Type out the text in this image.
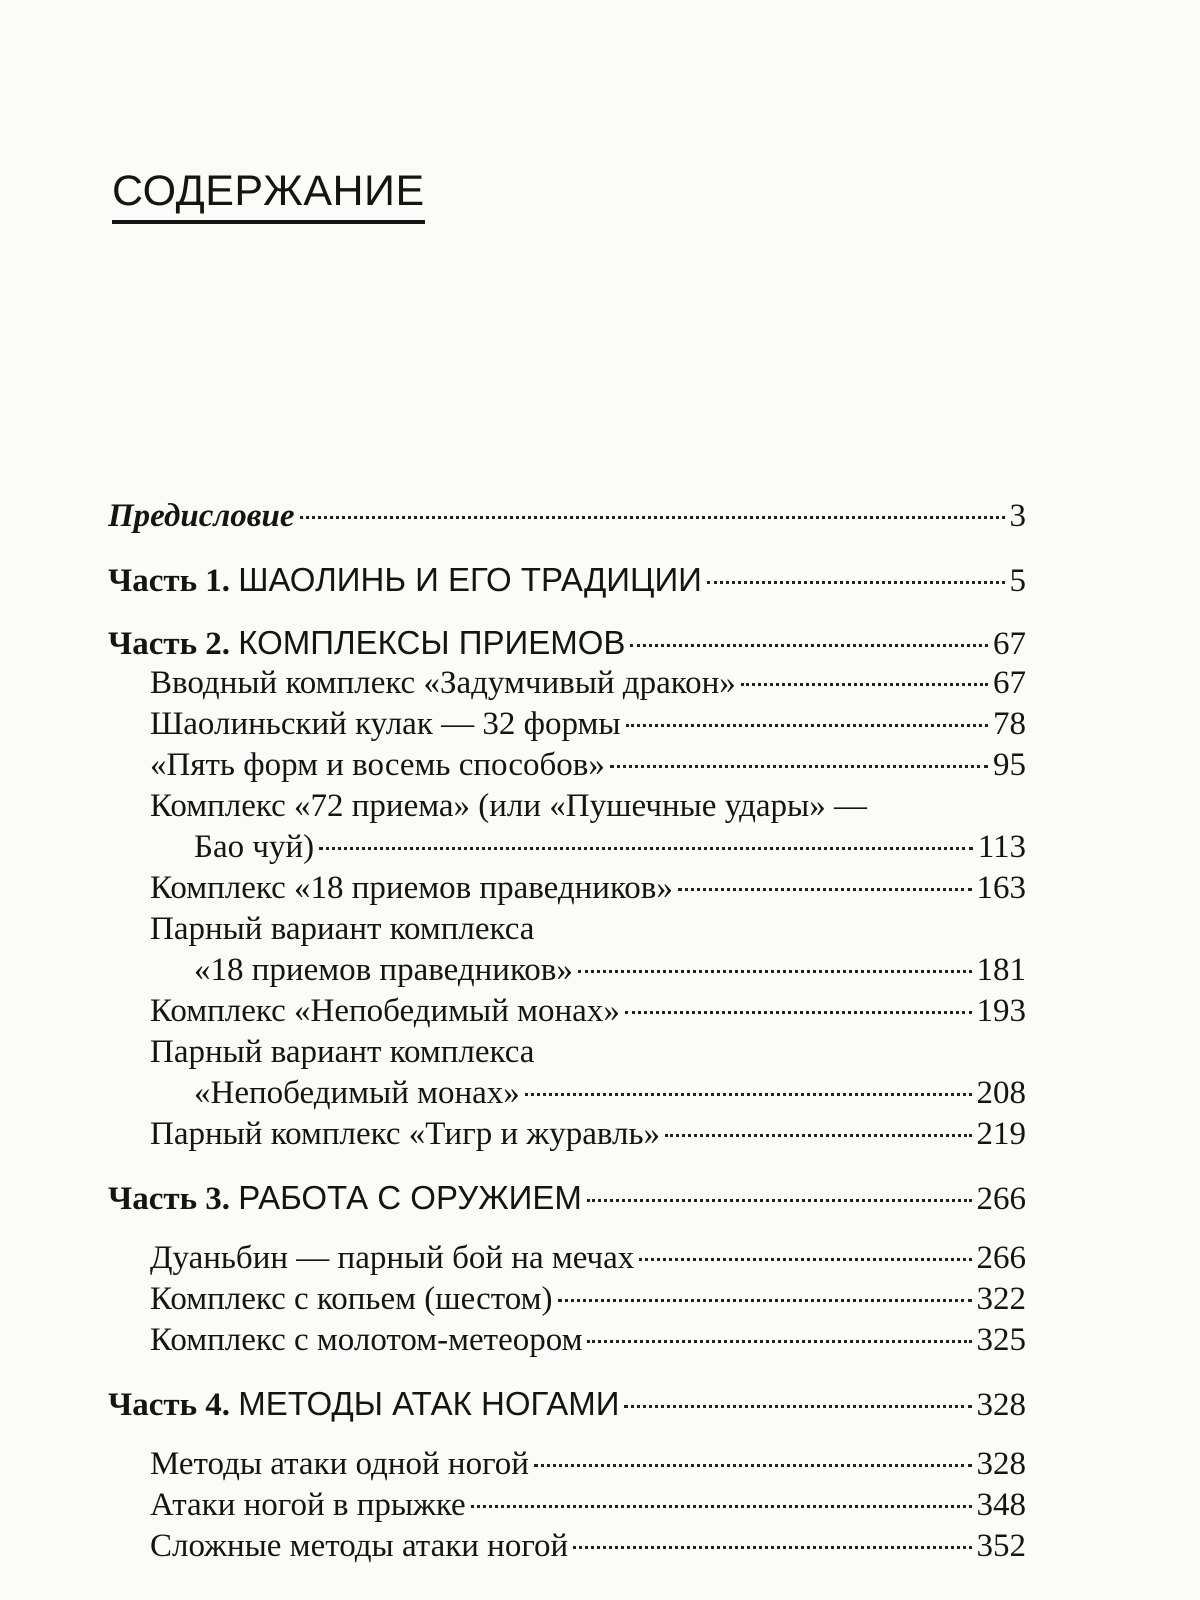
СОДЕРЖАНИЕ
Предисловие	3
Часть 1. ШАОЛИНЬ И ЕГО ТРАДИЦИИ	5
Часть 2. КОМПЛЕКСЫ ПРИЕМОВ	67
Вводный комплекс «Задумчивый дракон»	67
Шаолиньский кулак — 32 формы	78
«Пять форм и восемь способов»	95
Комплекс «72 приема» (или «Пушечные удары» —
Бао чуй)	113
Комплекс «18 приемов праведников»	163
Парный вариант комплекса
«18 приемов праведников»	181
Комплекс «Непобедимый монах»	193
Парный вариант комплекса
«Непобедимый монах»	208
Парный комплекс «Тигр и журавль»	219
Часть 3. РАБОТА С ОРУЖИЕМ	266
Дуаньбин — парный бой на мечах	266
Комплекс с копьем (шестом)	322
Комплекс с молотом-метеором	325
Часть 4. МЕТОДЫ АТАК НОГАМИ	328
Методы атаки одной ногой	328
Атаки ногой в прыжке	348
Сложные методы атаки ногой	352
